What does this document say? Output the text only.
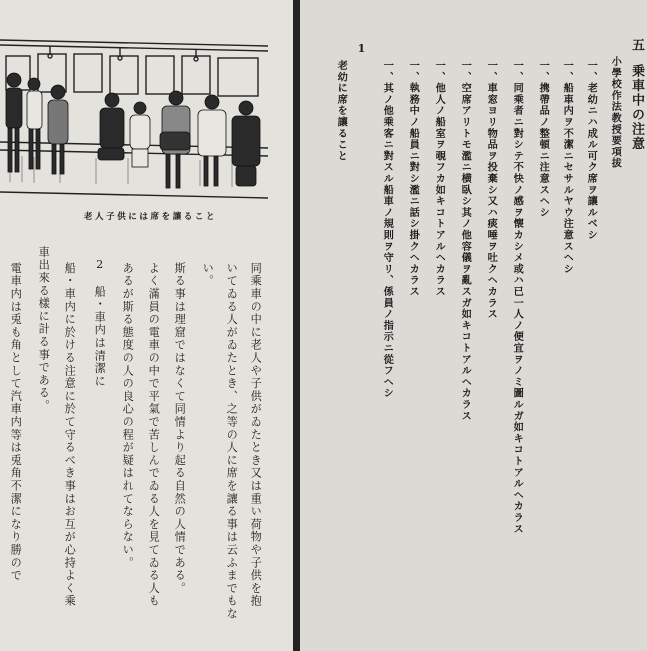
老人子供には席を讓ること
同乘車の中に老人や子供がゐたとき又は重い荷物や子供を抱
いてゐる人がゐたとき、之等の人に席を讓る事は云ふまでもな
い。
斯る事は理窟ではなくて同情より起る自然の人情である。
よく滿員の電車の中で平氣で苦しんでゐる人を見てゐる人も
あるが斯る態度の人の良心の程が疑はれてならない。
2　船・車内は清潔に
船・車内に於ける注意に於て守るべき事はお互が心持よく乘
車出來る樣に計る事である。
電車内は兎も角として汽車内等は兎角不潔になり勝ので
五
乗車中の注意
小學校作法教授要項拔
一、老幼ニハ成ル可ク席ヲ讓ルベシ
一、船車内ヲ不潔ニセサルヤウ注意スヘシ
一、携帶品ノ整頓ニ注意スヘシ
一、同乘者ニ對シテ不快ノ感ヲ懐カシメ或ハ已一人ノ便宜ヲノミ圖ルガ如キコトアルヘカラス
一、車窓ヨリ物品ヲ投棄シ又ハ痰唾ヲ吐クヘカラス
一、空席アリトモ濫ニ横臥シ其ノ他容儀ヲ亂スガ如キコトアルヘカラス
一、他人ノ船室ヲ覗フカ如キコトアルヘカラス
一、執務中ノ船員ニ對シ濫ニ話シ掛クヘカラス
一、其ノ他乘客ニ對スル船車ノ規則ヲ守リ、係員ノ指示ニ從フヘシ
1
老幼に席を讓ること
